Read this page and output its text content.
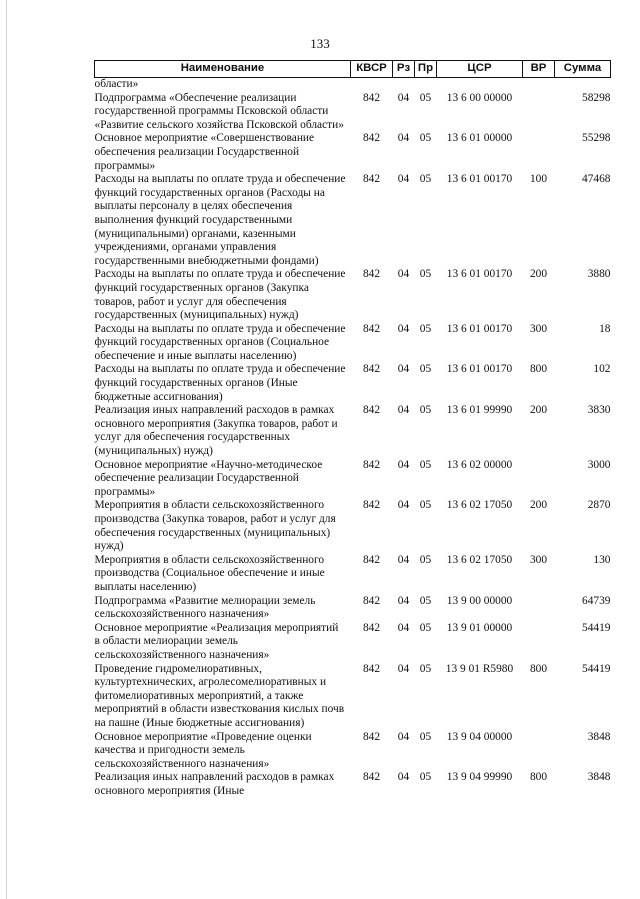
133
Наименование	КВСР	Рз	Пр	ЦСР	ВР	Сумма
области»						
Подпрограмма «Обеспечение реализации государственной программы Псковской области «Развитие сельского хозяйства Псковской области»	842	04	05	13 6 00 00000		58298
Основное мероприятие «Совершенствование обеспечения реализации Государственной программы»	842	04	05	13 6 01 00000		55298
Расходы на выплаты по оплате труда и обеспечение функций государственных органов (Расходы на выплаты персоналу в целях обеспечения выполнения функций государственными (муниципальными) органами, казенными учреждениями, органами управления государственными внебюджетными фондами)	842	04	05	13 6 01 00170	100	47468
Расходы на выплаты по оплате труда и обеспечение функций государственных органов (Закупка товаров, работ и услуг для обеспечения государственных (муниципальных) нужд)	842	04	05	13 6 01 00170	200	3880
Расходы на выплаты по оплате труда и обеспечение функций государственных органов (Социальное обеспечение и иные выплаты населению)	842	04	05	13 6 01 00170	300	18
Расходы на выплаты по оплате труда и обеспечение функций государственных органов (Иные бюджетные ассигнования)	842	04	05	13 6 01 00170	800	102
Реализация иных направлений расходов в рамках основного мероприятия (Закупка товаров, работ и услуг для обеспечения государственных (муниципальных) нужд)	842	04	05	13 6 01 99990	200	3830
Основное мероприятие «Научно-методическое обеспечение реализации Государственной программы»	842	04	05	13 6 02 00000		3000
Мероприятия в области сельскохозяйственного производства (Закупка товаров, работ и услуг для обеспечения государственных (муниципальных) нужд)	842	04	05	13 6 02 17050	200	2870
Мероприятия в области сельскохозяйственного производства (Социальное обеспечение и иные выплаты населению)	842	04	05	13 6 02 17050	300	130
Подпрограмма «Развитие мелиорации земель сельскохозяйственного назначения»	842	04	05	13 9 00 00000		64739
Основное мероприятие «Реализация мероприятий в области мелиорации земель сельскохозяйственного назначения»	842	04	05	13 9 01 00000		54419
Проведение гидромелиоративных, культуртехнических, агролесомелиоративных и фитомелиоративных мероприятий, а также мероприятий в области известкования кислых почв на пашне (Иные бюджетные ассигнования)	842	04	05	13 9 01 R5980	800	54419
Основное мероприятие «Проведение оценки качества и пригодности земель сельскохозяйственного назначения»	842	04	05	13 9 04 00000		3848
Реализация иных направлений расходов в рамках основного мероприятия (Иные	842	04	05	13 9 04 99990	800	3848
